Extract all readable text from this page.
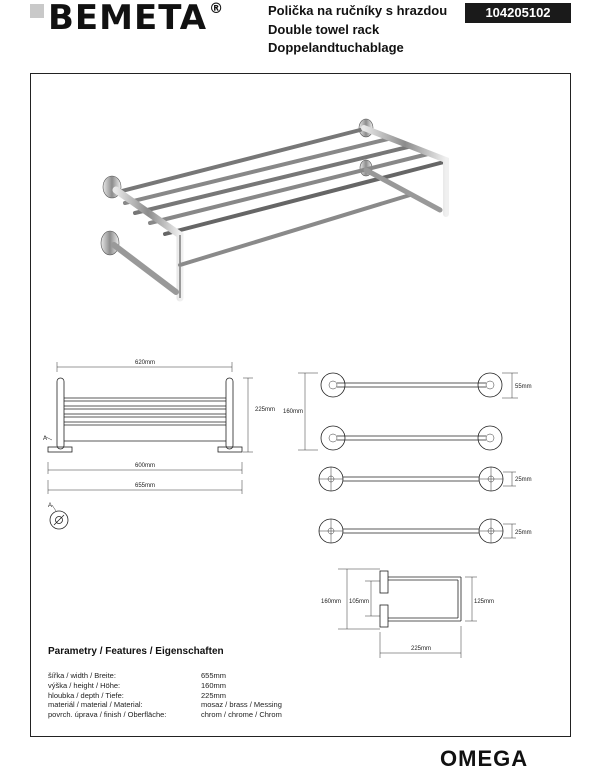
BEMETA ®	Polička na ručníky s hrazdou
Double towel rack
Doppelandtuchablage
104205102
620mm
A
225mm
600mm
655mm
A
160mm
55mm
25mm
25mm
160mm 105mm	125mm
225mm
Parametry / Features / Eigenschaften
šířka / width / Breite:	655mm
výška / height / Höhe:	160mm
hloubka / depth / Tiefe:	225mm
materiál / material / Material:	mosaz / brass / Messing
povrch. úprava / finish / Oberfläche:	chrom / chrome / Chrom
OMEGA
